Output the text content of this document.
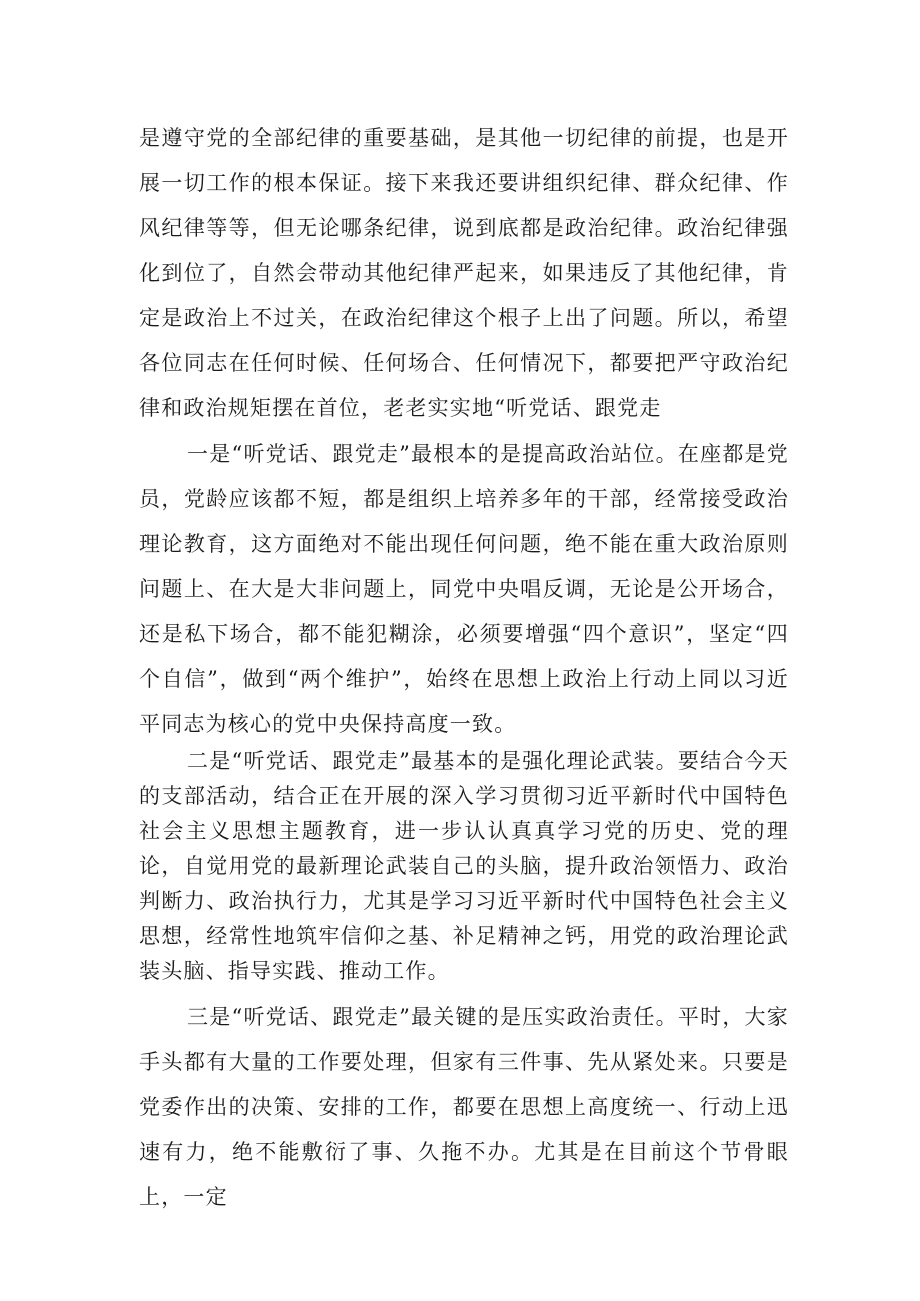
是遵守党的全部纪律的重要基础，是其他一切纪律的前提，也是开展一切工作的根本保证。接下来我还要讲组织纪律、群众纪律、作风纪律等等，但无论哪条纪律，说到底都是政治纪律。政治纪律强化到位了，自然会带动其他纪律严起来，如果违反了其他纪律，肯定是政治上不过关，在政治纪律这个根子上出了问题。所以，希望各位同志在任何时候、任何场合、任何情况下，都要把严守政治纪律和政治规矩摆在首位，老老实实地“听党话、跟党走

一是“听党话、跟党走”最根本的是提高政治站位。在座都是党员，党龄应该都不短，都是组织上培养多年的干部，经常接受政治理论教育，这方面绝对不能出现任何问题，绝不能在重大政治原则问题上、在大是大非问题上，同党中央唱反调，无论是公开场合，还是私下场合，都不能犯糊涂，必须要增强“四个意识”，坚定“四个自信”，做到“两个维护”，始终在思想上政治上行动上同以习近平同志为核心的党中央保持高度一致。

二是“听党话、跟党走”最基本的是强化理论武装。要结合今天的支部活动，结合正在开展的深入学习贯彻习近平新时代中国特色社会主义思想主题教育，进一步认认真真学习党的历史、党的理论，自觉用党的最新理论武装自己的头脑，提升政治领悟力、政治判断力、政治执行力，尤其是学习习近平新时代中国特色社会主义思想，经常性地筑牢信仰之基、补足精神之钙，用党的政治理论武装头脑、指导实践、推动工作。

三是“听党话、跟党走”最关键的是压实政治责任。平时，大家手头都有大量的工作要处理，但家有三件事、先从紧处来。只要是党委作出的决策、安排的工作，都要在思想上高度统一、行动上迅速有力，绝不能敷衍了事、久拖不办。尤其是在目前这个节骨眼上，一定
